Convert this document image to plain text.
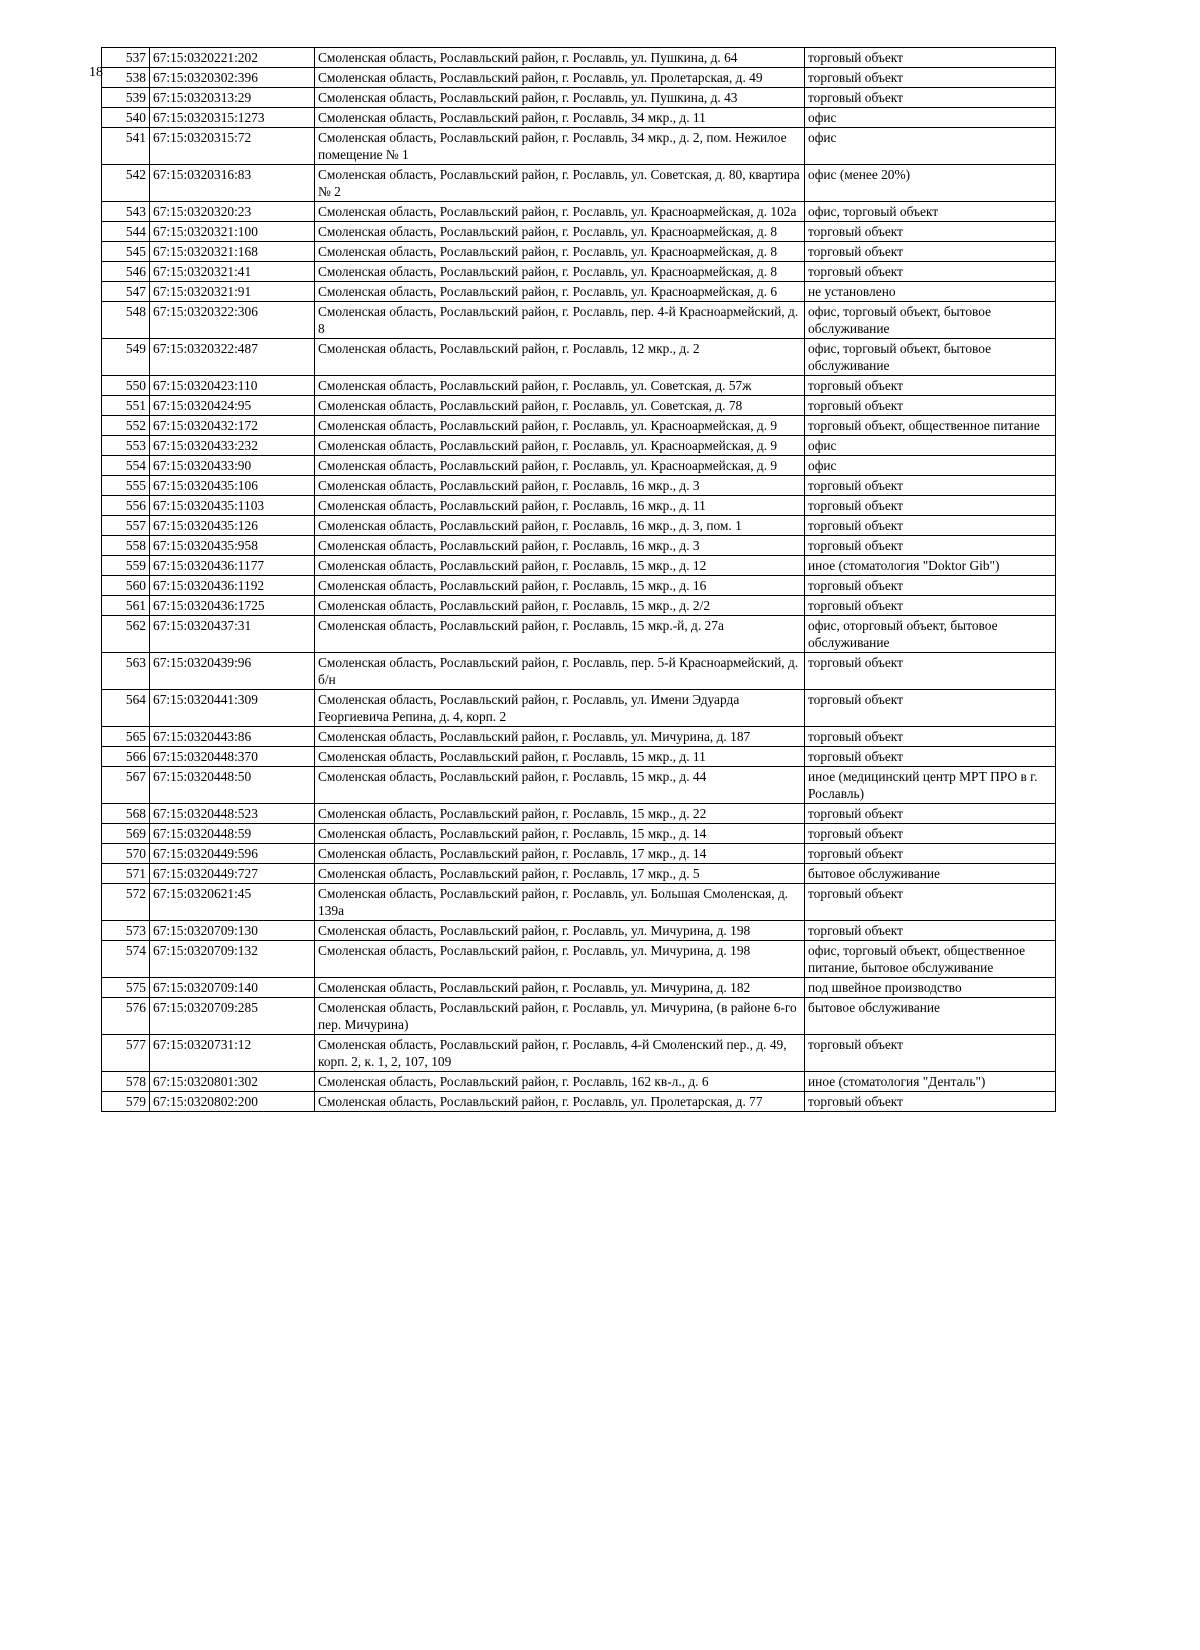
18
537	67:15:0320221:202	Смоленская область, Рославльский район, г. Рославль, ул. Пушкина, д. 64	торговый объект
538	67:15:0320302:396	Смоленская область, Рославльский район, г. Рославль, ул. Пролетарская, д. 49	торговый объект
539	67:15:0320313:29	Смоленская область, Рославльский район, г. Рославль, ул. Пушкина, д. 43	торговый объект
540	67:15:0320315:1273	Смоленская область, Рославльский район, г. Рославль, 34 мкр., д. 11	офис
541	67:15:0320315:72	Смоленская область, Рославльский район, г. Рославль, 34 мкр., д. 2, пом. Нежилое помещение № 1	офис
542	67:15:0320316:83	Смоленская область, Рославльский район, г. Рославль, ул. Советская, д. 80, квартира № 2	офис (менее 20%)
543	67:15:0320320:23	Смоленская область, Рославльский район, г. Рославль, ул. Красноармейская, д. 102а	офис, торговый объект
544	67:15:0320321:100	Смоленская область, Рославльский район, г. Рославль, ул. Красноармейская, д. 8	торговый объект
545	67:15:0320321:168	Смоленская область, Рославльский район, г. Рославль, ул. Красноармейская, д. 8	торговый объект
546	67:15:0320321:41	Смоленская область, Рославльский район, г. Рославль, ул. Красноармейская, д. 8	торговый объект
547	67:15:0320321:91	Смоленская область, Рославльский район, г. Рославль, ул. Красноармейская, д. 6	не установлено
548	67:15:0320322:306	Смоленская область, Рославльский район, г. Рославль, пер. 4-й Красноармейский, д. 8	офис, торговый объект, бытовое обслуживание
549	67:15:0320322:487	Смоленская область, Рославльский район, г. Рославль, 12 мкр., д. 2	офис, торговый объект, бытовое обслуживание
550	67:15:0320423:110	Смоленская область, Рославльский район, г. Рославль, ул. Советская, д. 57ж	торговый объект
551	67:15:0320424:95	Смоленская область, Рославльский район, г. Рославль, ул. Советская, д. 78	торговый объект
552	67:15:0320432:172	Смоленская область, Рославльский район, г. Рославль, ул. Красноармейская, д. 9	торговый объект, общественное питание
553	67:15:0320433:232	Смоленская область, Рославльский район, г. Рославль, ул. Красноармейская, д. 9	офис
554	67:15:0320433:90	Смоленская область, Рославльский район, г. Рославль, ул. Красноармейская, д. 9	офис
555	67:15:0320435:106	Смоленская область, Рославльский район, г. Рославль, 16 мкр., д. 3	торговый объект
556	67:15:0320435:1103	Смоленская область, Рославльский район, г. Рославль, 16 мкр., д. 11	торговый объект
557	67:15:0320435:126	Смоленская область, Рославльский район, г. Рославль, 16 мкр., д. 3, пом. 1	торговый объект
558	67:15:0320435:958	Смоленская область, Рославльский район, г. Рославль, 16 мкр., д. 3	торговый объект
559	67:15:0320436:1177	Смоленская область, Рославльский район, г. Рославль, 15 мкр., д. 12	иное (стоматология "Doktor Gib")
560	67:15:0320436:1192	Смоленская область, Рославльский район, г. Рославль, 15 мкр., д. 16	торговый объект
561	67:15:0320436:1725	Смоленская область, Рославльский район, г. Рославль, 15 мкр., д. 2/2	торговый объект
562	67:15:0320437:31	Смоленская область, Рославльский район, г. Рославль, 15 мкр.-й, д. 27а	офис, оторговый объект, бытовое обслуживание
563	67:15:0320439:96	Смоленская область, Рославльский район, г. Рославль, пер. 5-й Красноармейский, д. б/н	торговый объект
564	67:15:0320441:309	Смоленская область, Рославльский район, г. Рославль, ул. Имени Эдуарда Георгиевича Репина, д. 4, корп. 2	торговый объект
565	67:15:0320443:86	Смоленская область, Рославльский район, г. Рославль, ул. Мичурина, д. 187	торговый объект
566	67:15:0320448:370	Смоленская область, Рославльский район, г. Рославль, 15 мкр., д. 11	торговый объект
567	67:15:0320448:50	Смоленская область, Рославльский район, г. Рославль, 15 мкр., д. 44	иное (медицинский центр МРТ ПРО в г. Рославль)
568	67:15:0320448:523	Смоленская область, Рославльский район, г. Рославль, 15 мкр., д. 22	торговый объект
569	67:15:0320448:59	Смоленская область, Рославльский район, г. Рославль, 15 мкр., д. 14	торговый объект
570	67:15:0320449:596	Смоленская область, Рославльский район, г. Рославль, 17 мкр., д. 14	торговый объект
571	67:15:0320449:727	Смоленская область, Рославльский район, г. Рославль, 17 мкр., д. 5	бытовое обслуживание
572	67:15:0320621:45	Смоленская область, Рославльский район, г. Рославль, ул. Большая Смоленская, д. 139а	торговый объект
573	67:15:0320709:130	Смоленская область, Рославльский район, г. Рославль, ул. Мичурина, д. 198	торговый объект
574	67:15:0320709:132	Смоленская область, Рославльский район, г. Рославль, ул. Мичурина, д. 198	офис, торговый объект, общественное питание, бытовое обслуживание
575	67:15:0320709:140	Смоленская область, Рославльский район, г. Рославль, ул. Мичурина, д. 182	под швейное производство
576	67:15:0320709:285	Смоленская область, Рославльский район, г. Рославль, ул. Мичурина, (в районе 6-го пер. Мичурина)	бытовое обслуживание
577	67:15:0320731:12	Смоленская область, Рославльский район, г. Рославль, 4-й Смоленский пер., д. 49, корп. 2, к. 1, 2, 107, 109	торговый объект
578	67:15:0320801:302	Смоленская область, Рославльский район, г. Рославль, 162 кв-л., д. 6	иное (стоматология "Денталь")
579	67:15:0320802:200	Смоленская область, Рославльский район, г. Рославль, ул. Пролетарская, д. 77	торговый объект
